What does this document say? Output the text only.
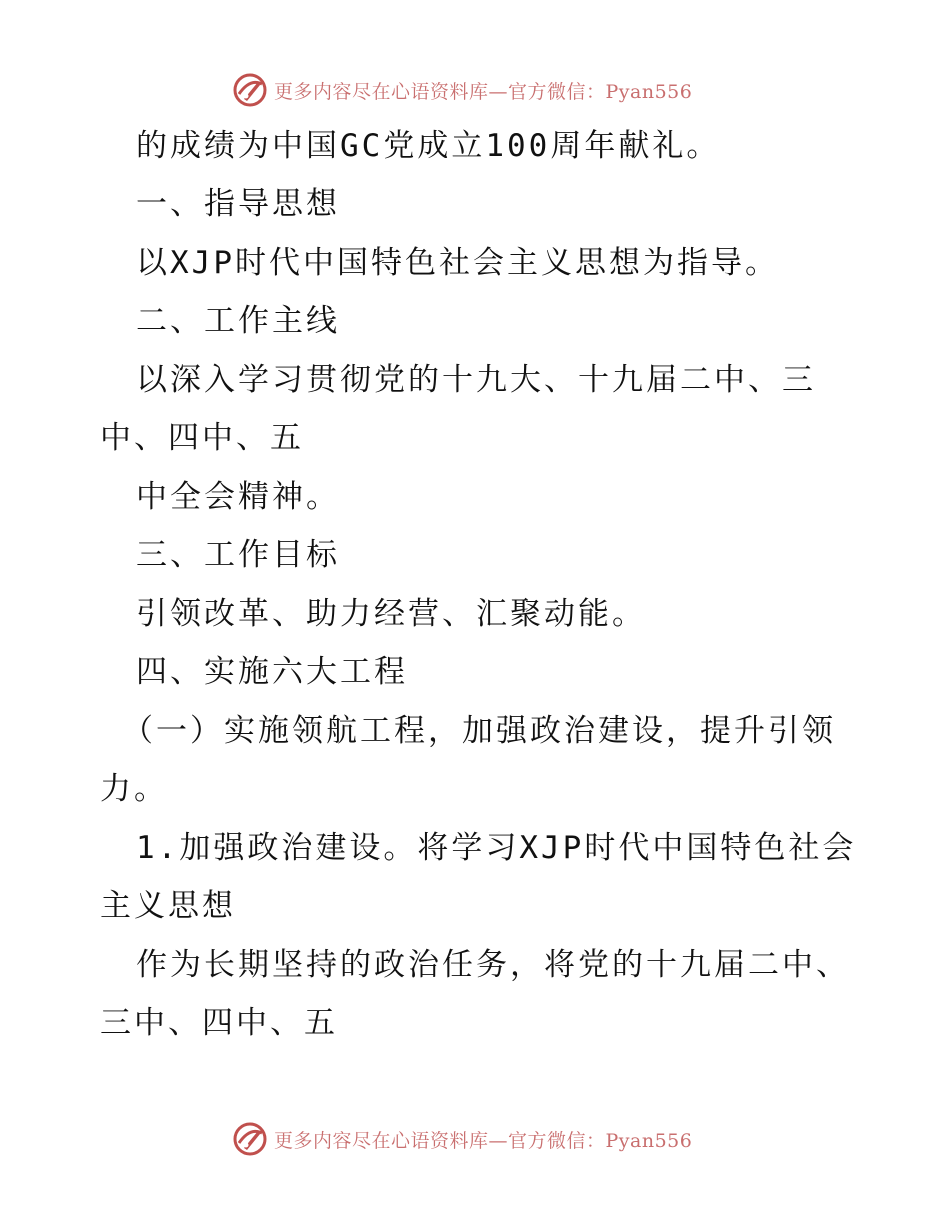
更多内容尽在心语资料库—官方微信：Pyan556
的成绩为中国GC党成立100周年献礼。
一、指导思想
以XJP时代中国特色社会主义思想为指导。
二、工作主线
以深入学习贯彻党的十九大、十九届二中、三
中、四中、五
中全会精神。
三、工作目标
引领改革、助力经营、汇聚动能。
四、实施六大工程
（一）实施领航工程，加强政治建设，提升引领
力。
1.加强政治建设。将学习XJP时代中国特色社会
主义思想
作为长期坚持的政治任务，将党的十九届二中、
三中、四中、五
更多内容尽在心语资料库—官方微信：Pyan556
